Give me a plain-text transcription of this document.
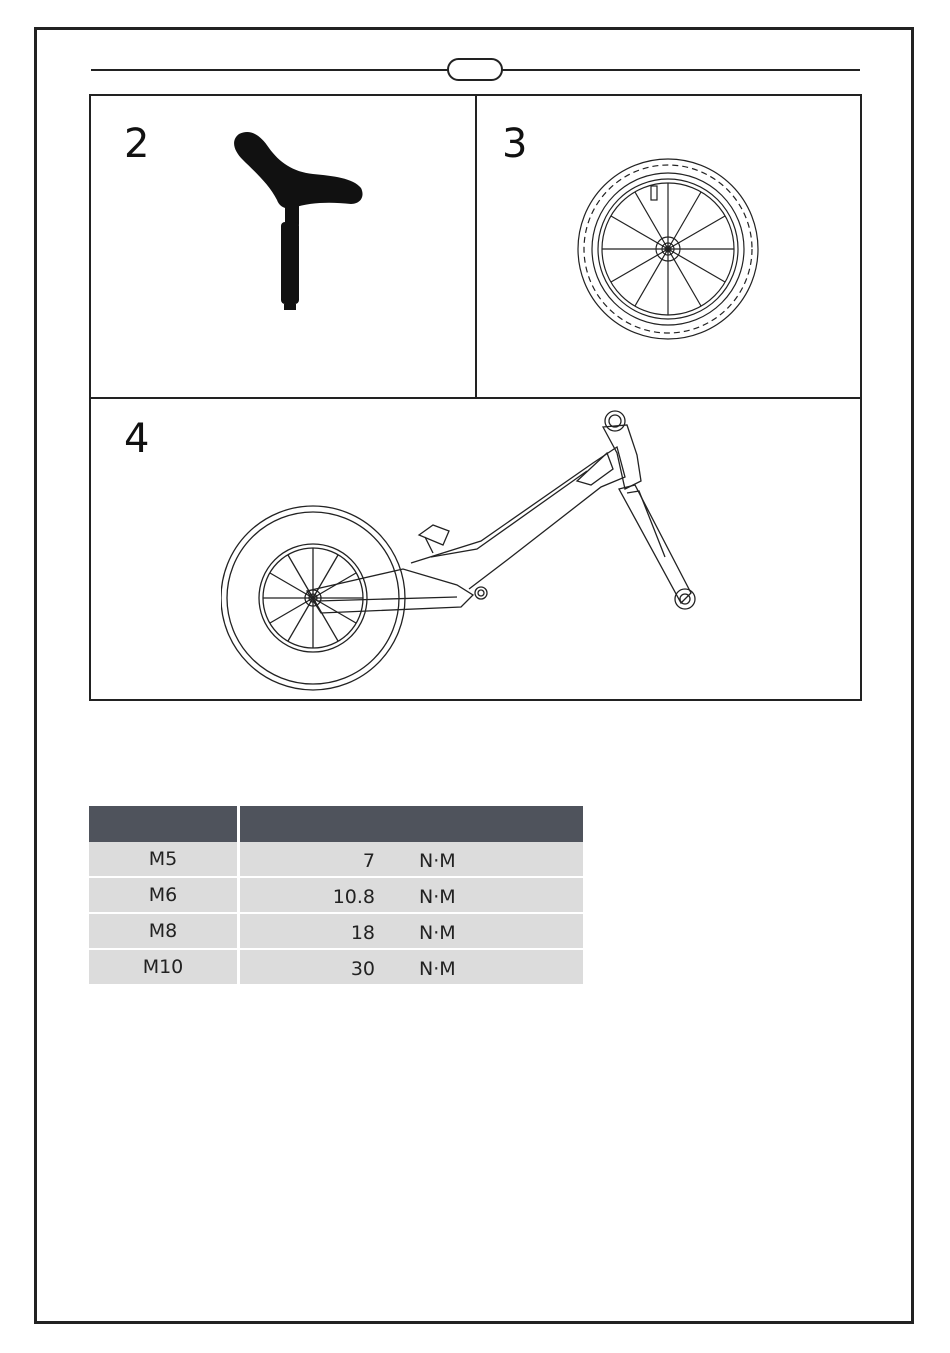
2	3
4

M5	7 N·M

M6	10.8 N·M

M8	18 N·M

M10	30 N·M
